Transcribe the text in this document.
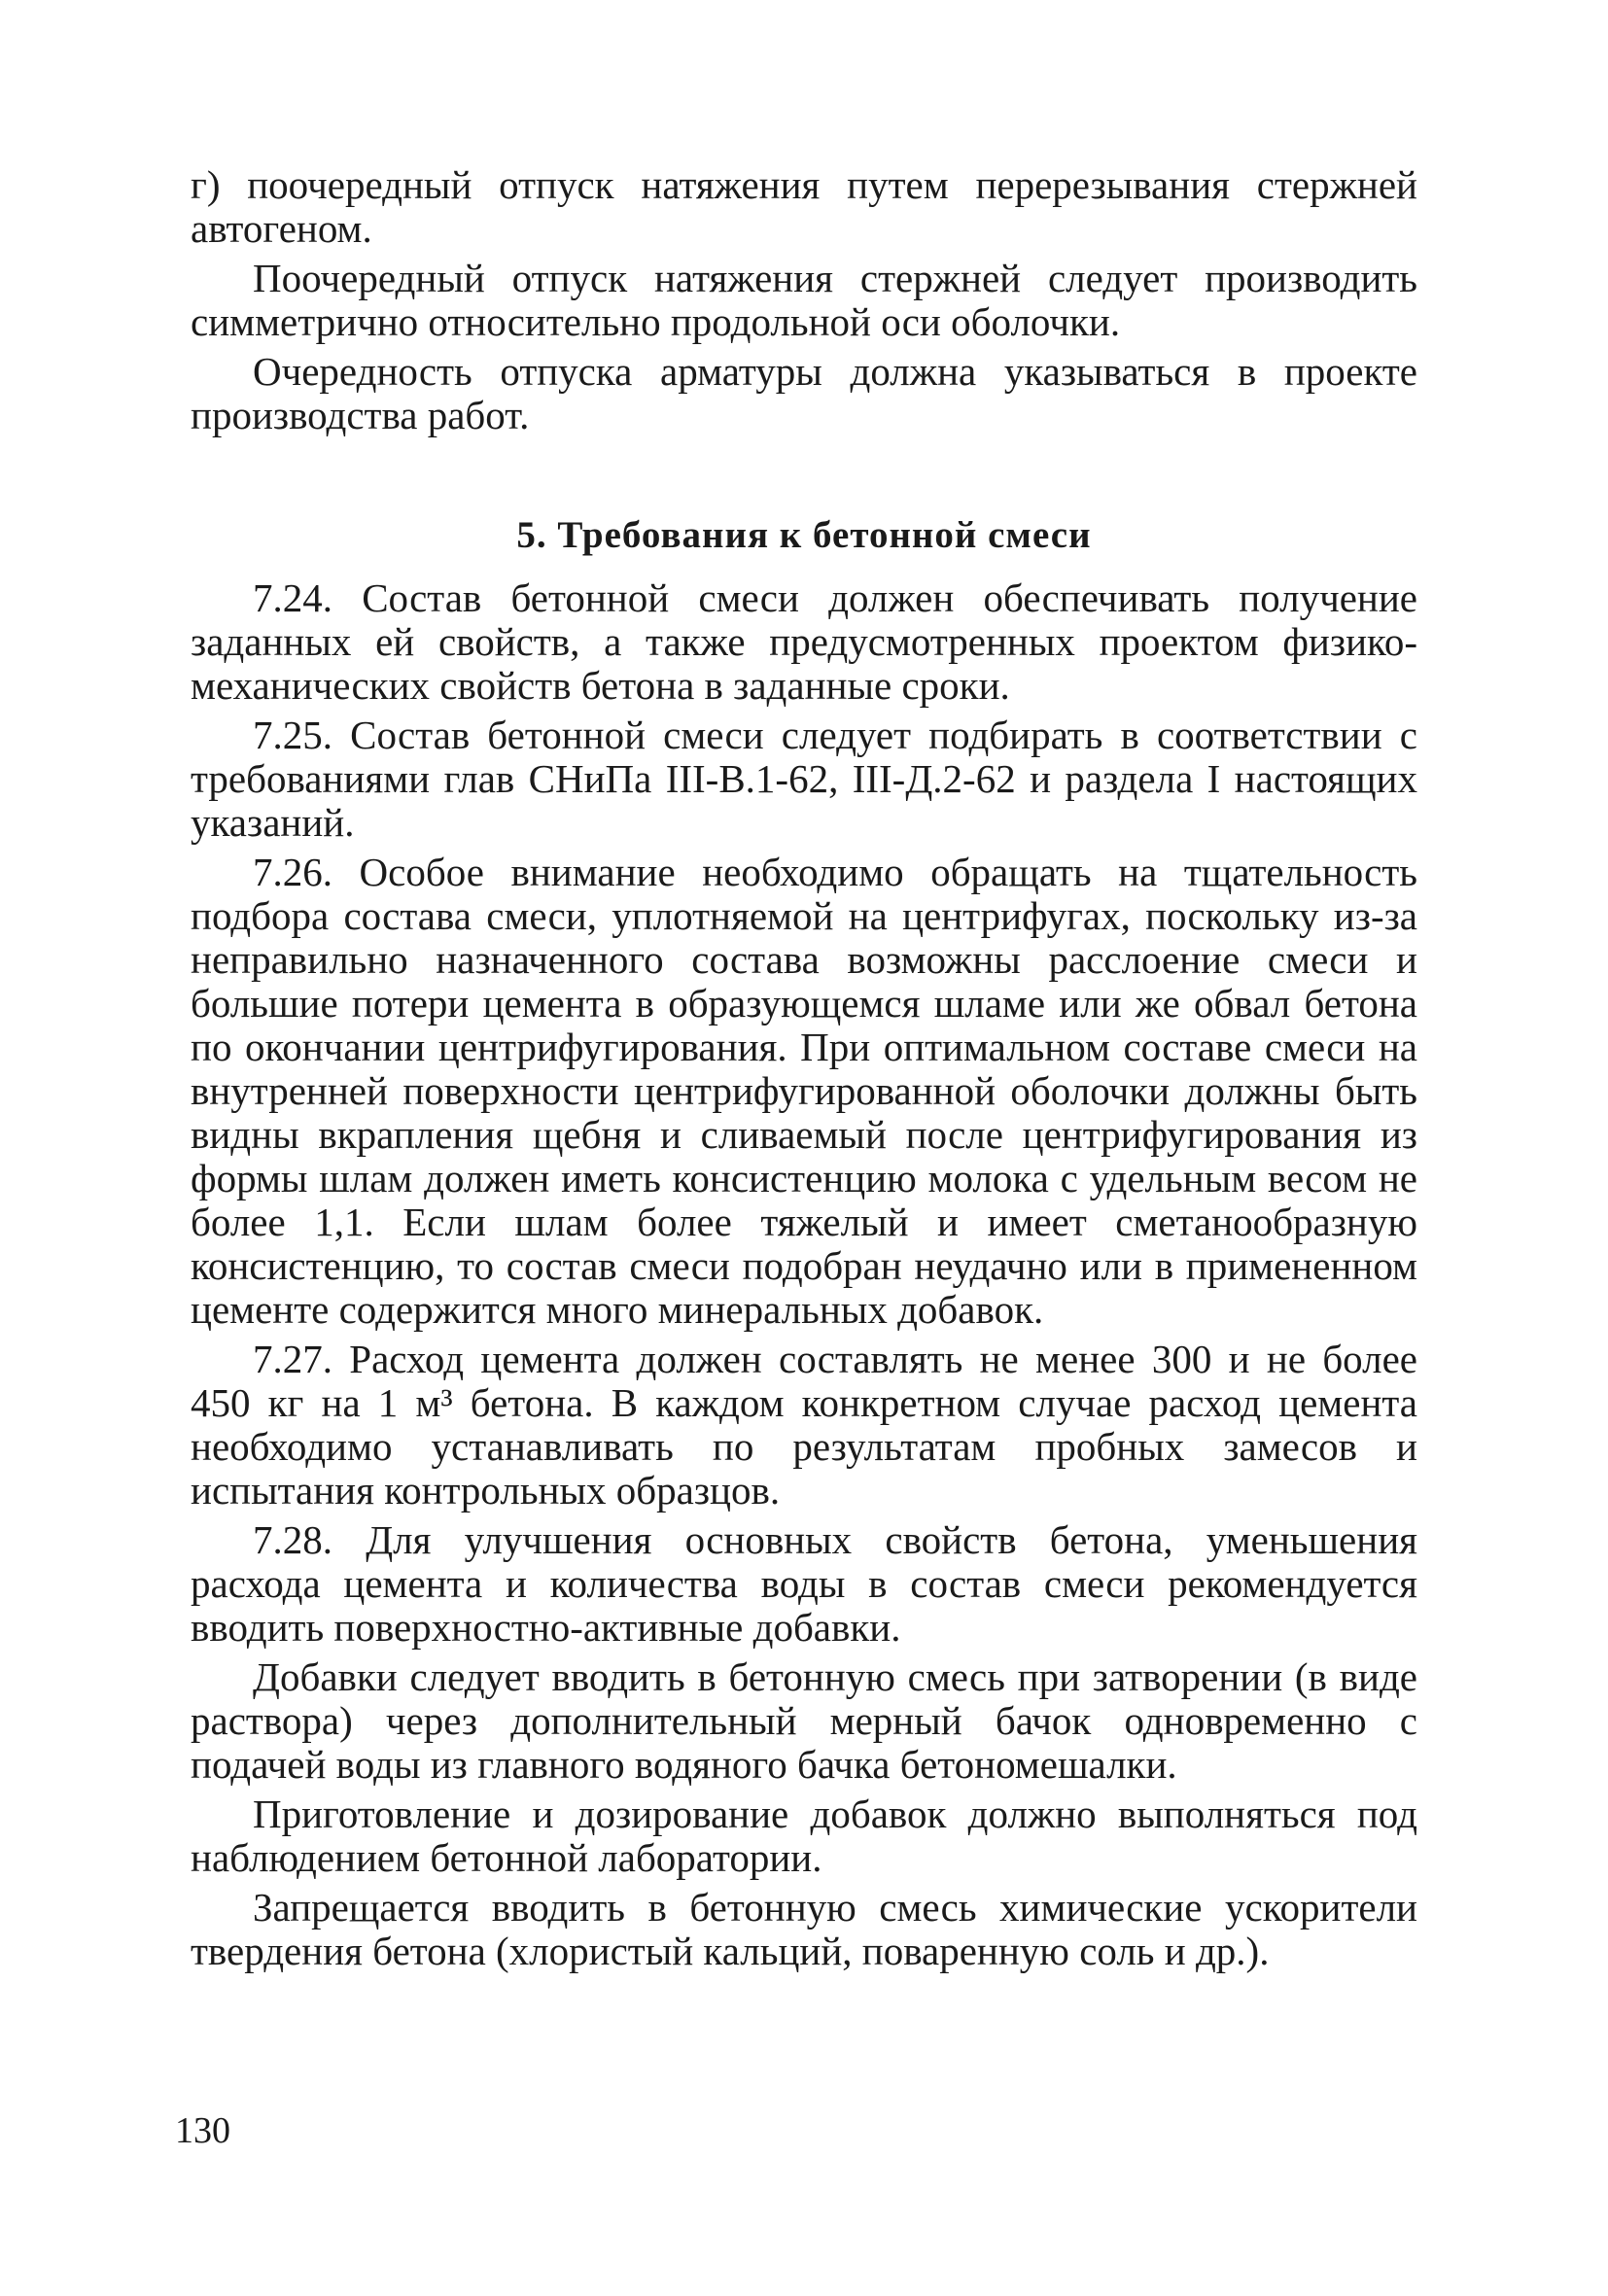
г) поочередный отпуск натяжения путем перерезывания стержней автогеном.

Поочередный отпуск натяжения стержней следует производить симметрично относительно продольной оси оболочки.

Очередность отпуска арматуры должна указываться в проекте производства работ.

5. Требования к бетонной смеси

7.24. Состав бетонной смеси должен обеспечивать получение заданных ей свойств, а также предусмотренных проектом физико-механических свойств бетона в заданные сроки.

7.25. Состав бетонной смеси следует подбирать в соответствии с требованиями глав СНиПа III-В.1-62, III-Д.2-62 и раздела I настоящих указаний.

7.26. Особое внимание необходимо обращать на тщательность подбора состава смеси, уплотняемой на центрифугах, поскольку из-за неправильно назначенного состава возможны расслоение смеси и большие потери цемента в образующемся шламе или же обвал бетона по окончании центрифугирования. При оптимальном составе смеси на внутренней поверхности центрифугированной оболочки должны быть видны вкрапления щебня и сливаемый после центрифугирования из формы шлам должен иметь консистенцию молока с удельным весом не более 1,1. Если шлам более тяжелый и имеет сметанообразную консистенцию, то состав смеси подобран неудачно или в примененном цементе содержится много минеральных добавок.

7.27. Расход цемента должен составлять не менее 300 и не более 450 кг на 1 м³ бетона. В каждом конкретном случае расход цемента необходимо устанавливать по результатам пробных замесов и испытания контрольных образцов.

7.28. Для улучшения основных свойств бетона, уменьшения расхода цемента и количества воды в состав смеси рекомендуется вводить поверхностно-активные добавки.

Добавки следует вводить в бетонную смесь при затворении (в виде раствора) через дополнительный мерный бачок одновременно с подачей воды из главного водяного бачка бетономешалки.

Приготовление и дозирование добавок должно выполняться под наблюдением бетонной лаборатории.

Запрещается вводить в бетонную смесь химические ускорители твердения бетона (хлористый кальций, поваренную соль и др.).

130
